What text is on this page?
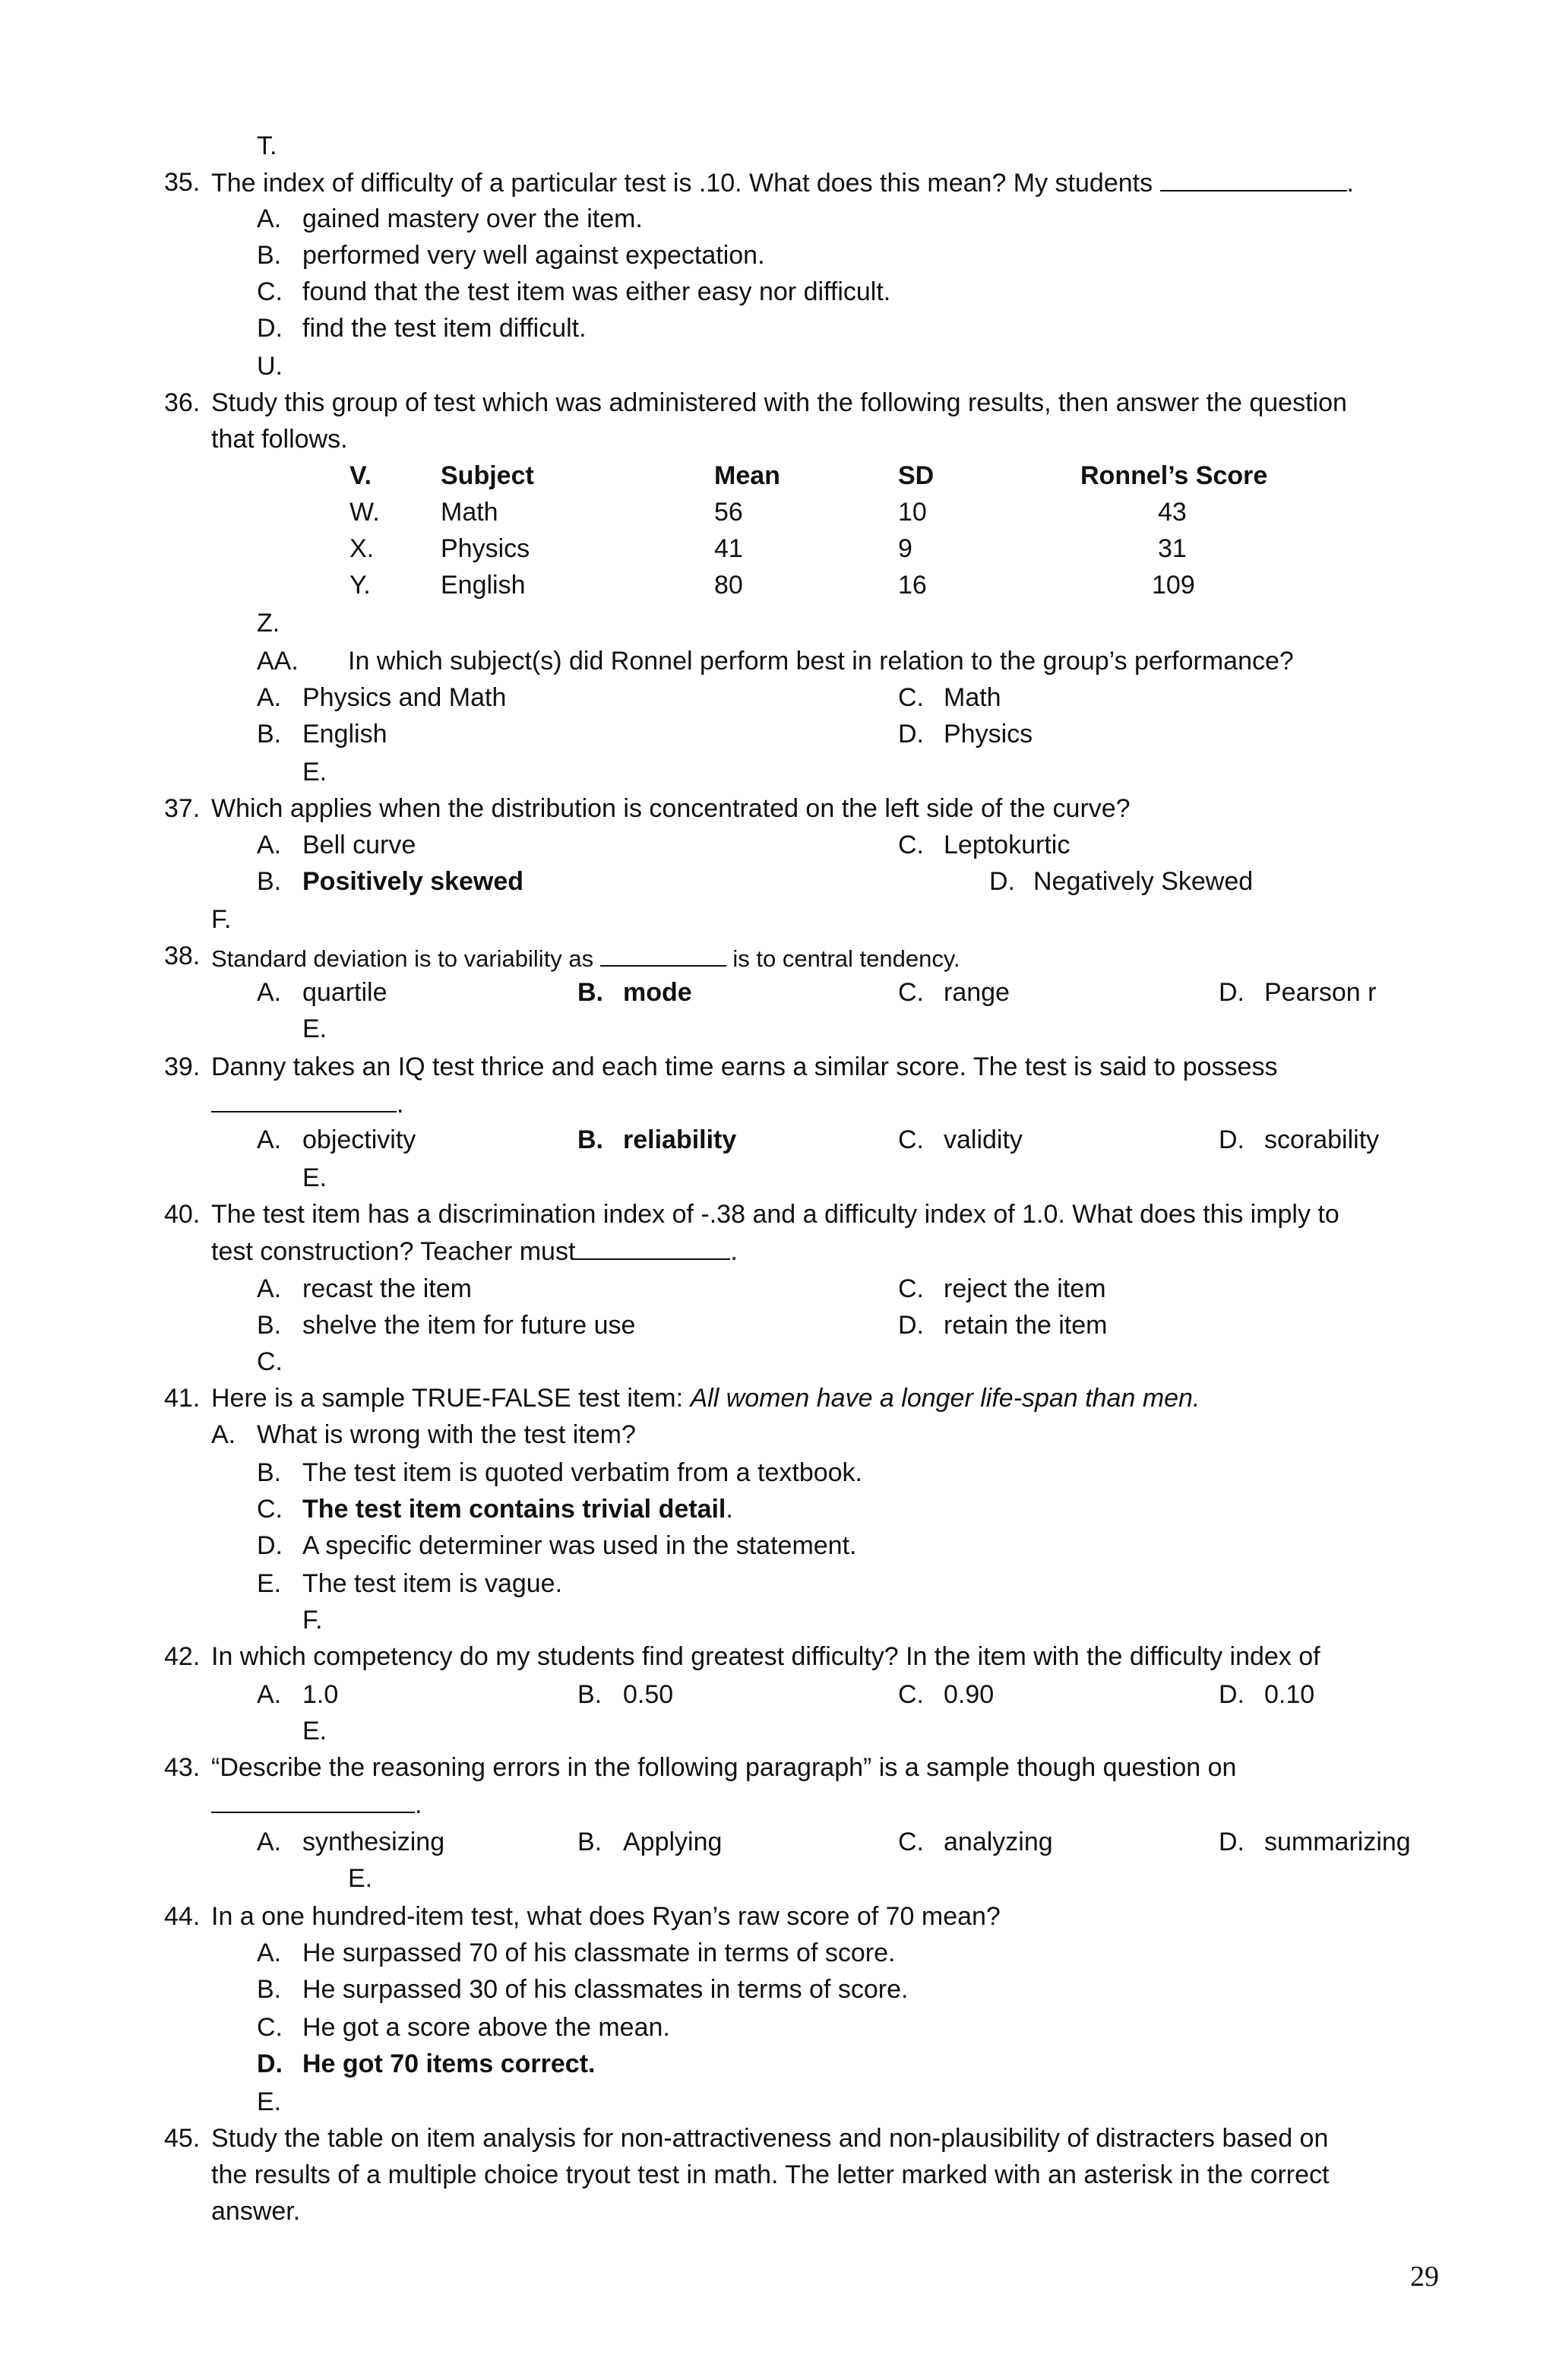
T.
35. The index of difficulty of a particular test is .10. What does this mean? My students	.
A. gained mastery over the item.
B. performed very well against expectation.
C. found that the test item was either easy nor difficult.
D. find the test item difficult.
U.
36. Study this group of test which was administered with the following results, then answer the question
that follows.
V.	Subject	Mean	SD	Ronnel’s Score
W. Math	56	10	43
X.	Physics	41	9	31
Y.	English	80	16	109
Z.
AA. In which subject(s) did Ronnel perform best in relation to the group’s performance?
A. Physics and Math	C. Math
B. English	D. Physics
E.
37. Which applies when the distribution is concentrated on the left side of the curve?
A. Bell curve	C. Leptokurtic
B. Positively skewed	D. Negatively Skewed
F.
38. Standard deviation is to variability as	is to central tendency.
A. quartile	B. mode	C. range	D. Pearson r
E.
39. Danny takes an IQ test thrice and each time earns a similar score. The test is said to possess
.
A. objectivity	B. reliability	C. validity	D. scorability
E.
40. The test item has a discrimination index of -.38 and a difficulty index of 1.0. What does this imply to
test construction? Teacher must	.
A. recast the item	C. reject the item
B. shelve the item for future use	D. retain the item
C.
41. Here is a sample TRUE-FALSE test item: All women have a longer life-span than men.
A. What is wrong with the test item?
B. The test item is quoted verbatim from a textbook.
C. The test item contains trivial detail.
D. A specific determiner was used in the statement.
E. The test item is vague.
F.
42. In which competency do my students find greatest difficulty? In the item with the difficulty index of
A. 1.0	B. 0.50	C. 0.90	D. 0.10
E.
43. “Describe the reasoning errors in the following paragraph” is a sample though question on
.
A. synthesizing	B. Applying	C. analyzing	D. summarizing
E.
44. In a one hundred-item test, what does Ryan’s raw score of 70 mean?
A. He surpassed 70 of his classmate in terms of score.
B. He surpassed 30 of his classmates in terms of score.
C. He got a score above the mean.
D. He got 70 items correct.
E.
45. Study the table on item analysis for non-attractiveness and non-plausibility of distracters based on
the results of a multiple choice tryout test in math. The letter marked with an asterisk in the correct
answer.
29
